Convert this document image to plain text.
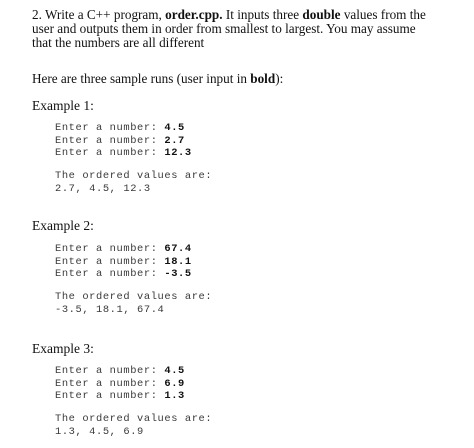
2. Write a C++ program, order.cpp. It inputs three double values from the

user and outputs them in order from smallest to largest. You may assume

that the numbers are all different

Here are three sample runs (user input in bold):
Example 1:
Enter a number: 4.5
Enter a number: 2.7
Enter a number: 12.3
The ordered values are:
2.7, 4.5, 12.3
Example 2:
Enter a number: 67.4
Enter a number: 18.1
Enter a number: -3.5
The ordered values are:
-3.5, 18.1, 67.4
Example 3:
Enter a number: 4.5
Enter a number: 6.9
Enter a number: 1.3
The ordered values are:
1.3, 4.5, 6.9
